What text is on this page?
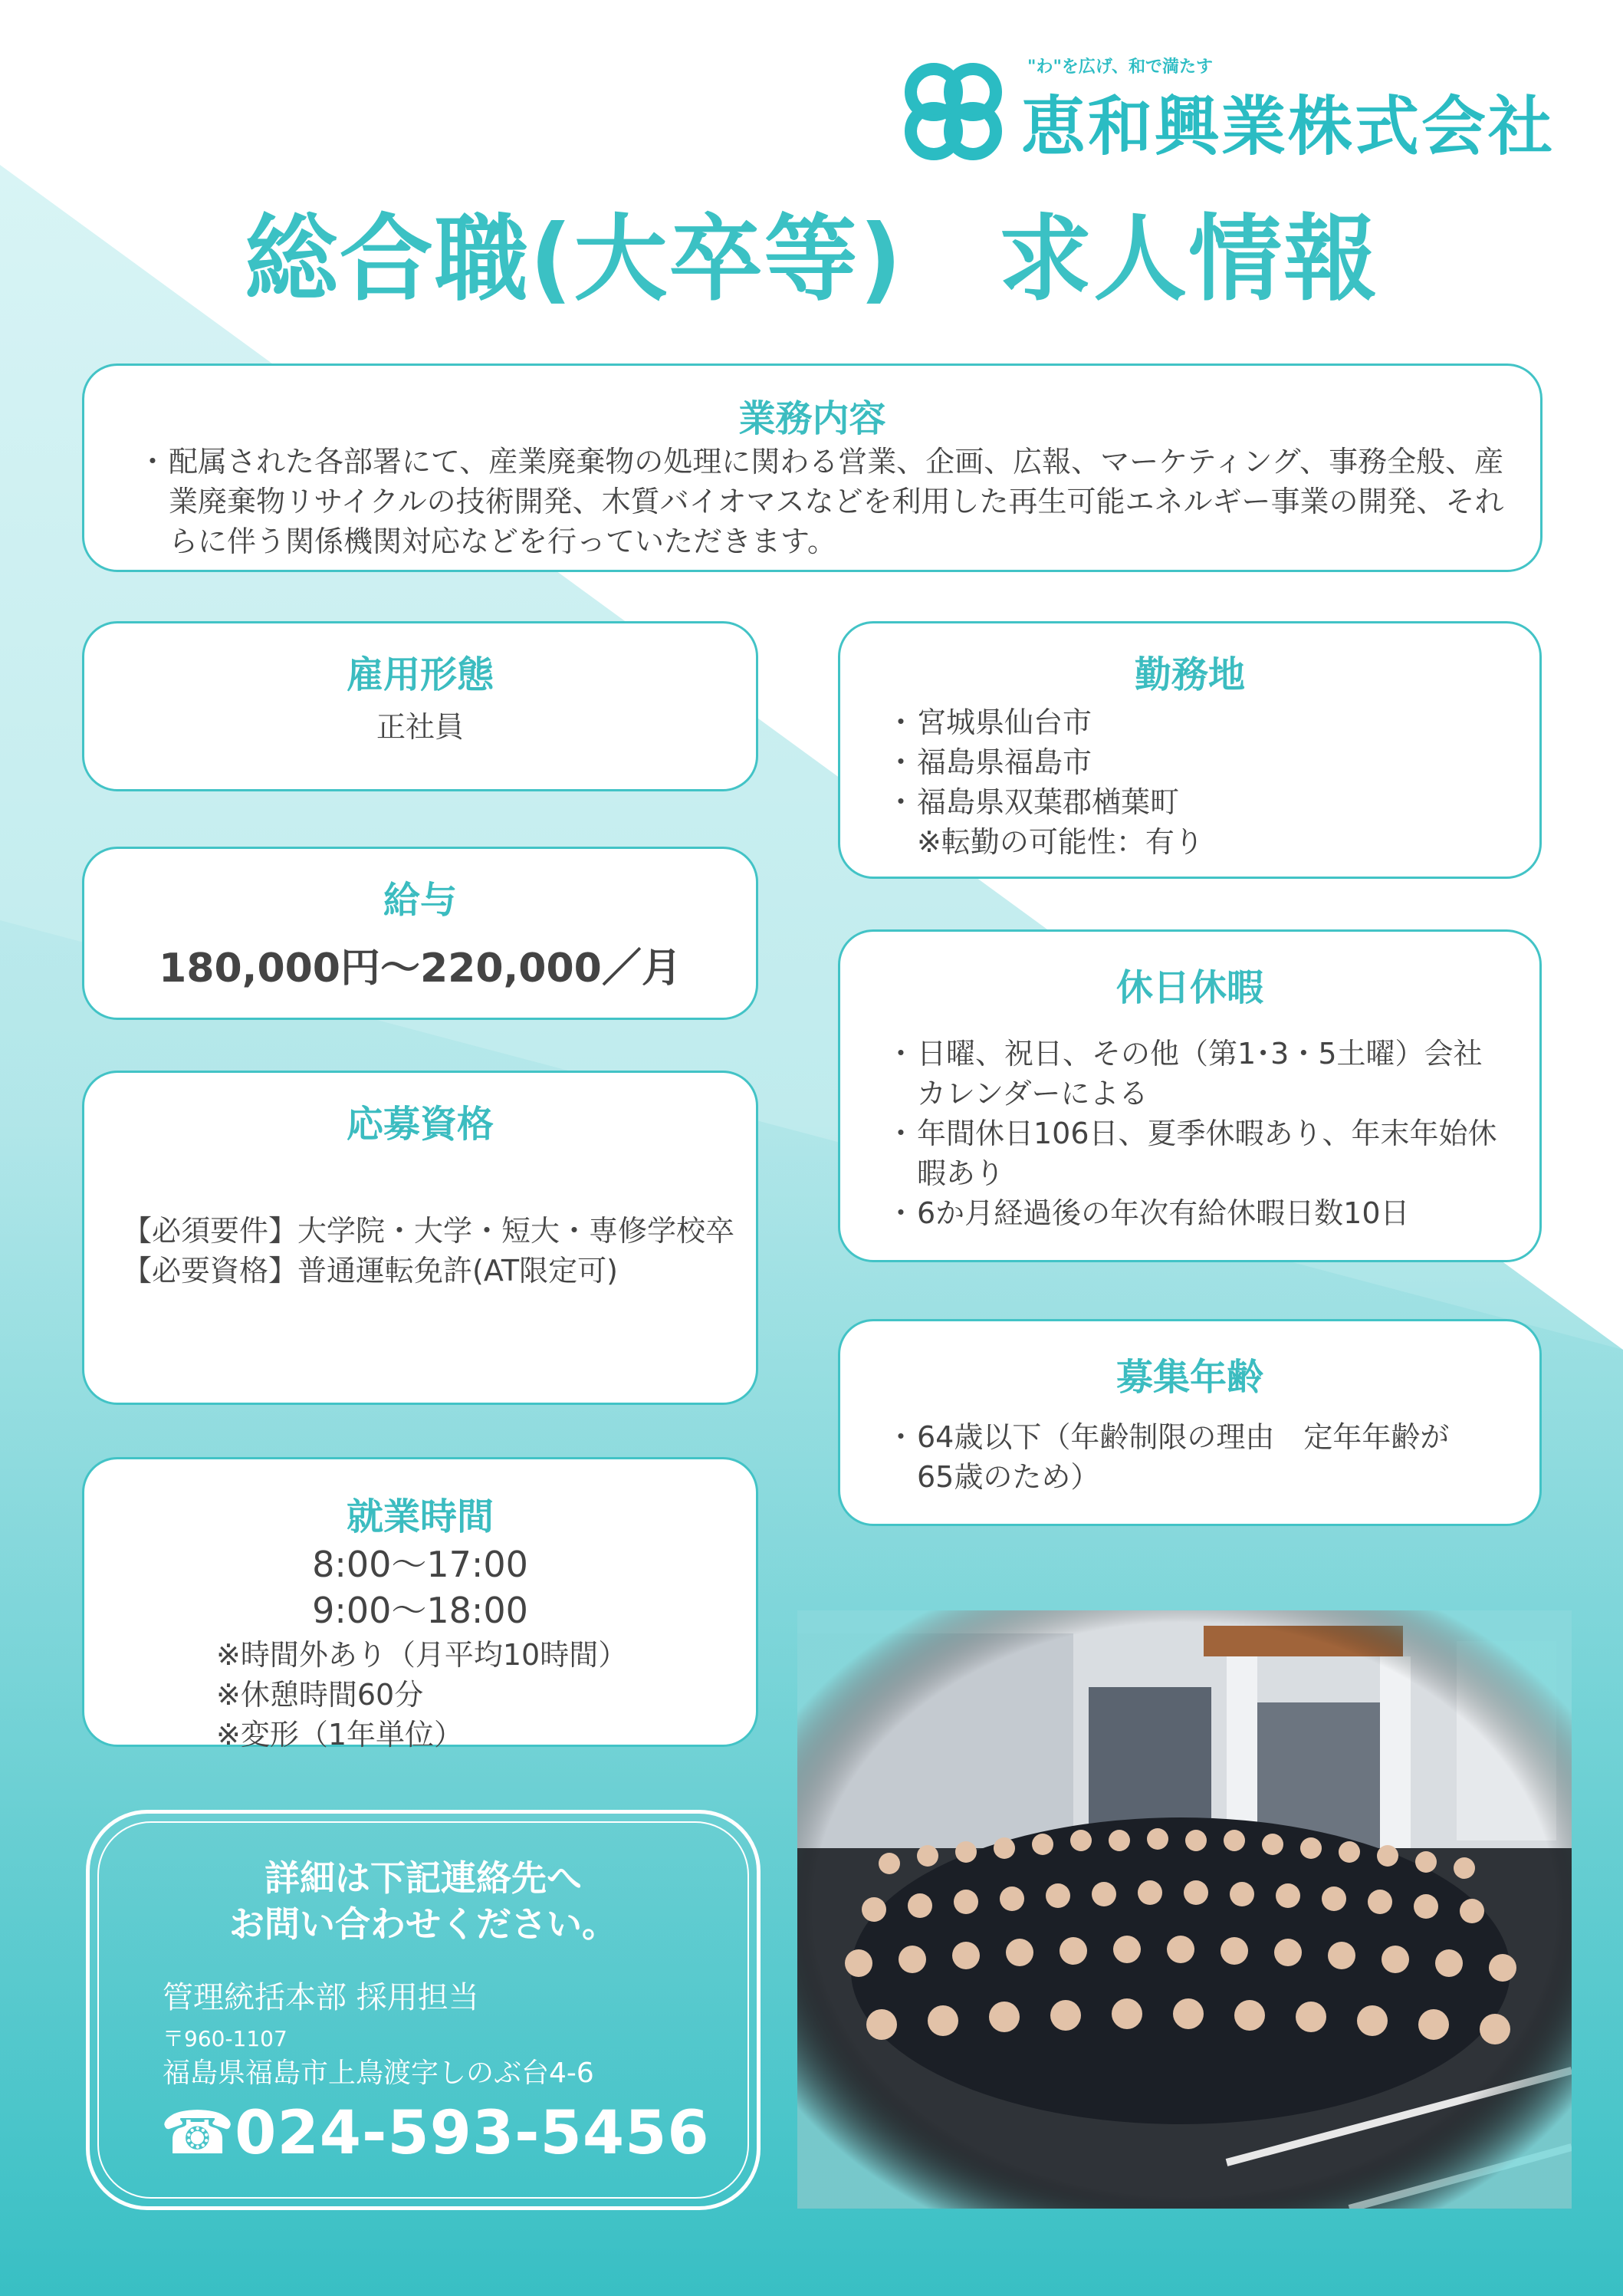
"わ"を広げ、和で満たす
恵和興業株式会社
総合職(大卒等)　求人情報
業務内容
・ 配属された各部署にて、産業廃棄物の処理に関わる営業、企画、広報、マーケティング、事務全般、産業廃棄物リサイクルの技術開発、木質バイオマスなどを利用した再生可能エネルギー事業の開発、それらに伴う関係機関対応などを行っていただきます。
雇用形態
正社員
給与
180,000円～220,000／月
応募資格
【必須要件】 大学院・大学・短大・専修学校卒
【必要資格】 普通運転免許(AT限定可)
就業時間
8:00～17:00
9:00～18:00
※時間外あり（月平均10時間）
※休憩時間60分
※変形（1年単位）
勤務地
・ 宮城県仙台市
・ 福島県福島市
・ 福島県双葉郡楢葉町
※転勤の可能性：有り
休日休暇
・ 日曜、祝日、その他（第1･3・5土曜）会社カレンダーによる
・ 年間休日106日、夏季休暇あり、年末年始休暇あり
・ 6か月経過後の年次有給休暇日数10日
募集年齢
・ 64歳以下（年齢制限の理由　定年年齢が65歳のため）
詳細は下記連絡先へ
お問い合わせください。
管理統括本部 採用担当
〒960-1107
福島県福島市上鳥渡字しのぶ台4-6
☎ 024-593-5456
